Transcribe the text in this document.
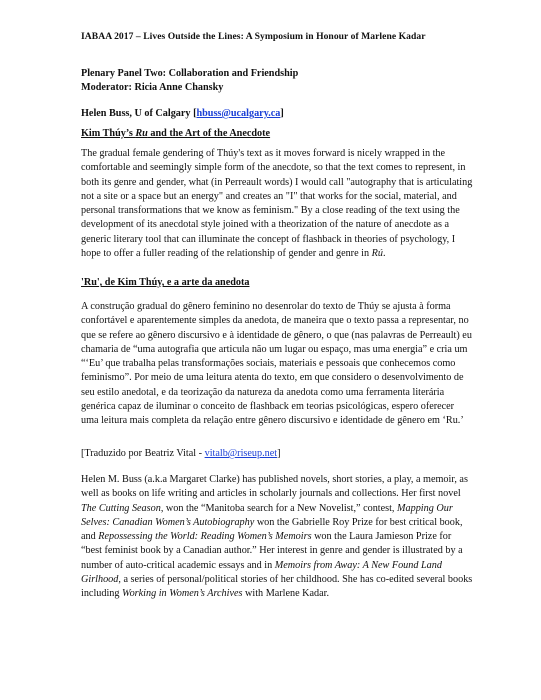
IABAA 2017 – Lives Outside the Lines: A Symposium in Honour of Marlene Kadar

Plenary Panel Two: Collaboration and Friendship

Moderator: Ricia Anne Chansky

Helen Buss, U of Calgary [hbuss@ucalgary.ca]

Kim Thúy’s Ru and the Art of the Anecdote

The gradual female gendering of Thúy's text as it moves forward is nicely wrapped in the comfortable and seemingly simple form of the anecdote, so that the text comes to represent, in both its genre and gender, what (in Perreault words) I would call "autography that is articulating not a site or a space but an energy" and creates an "I" that works for the social, material, and personal transformations that we know as feminism." By a close reading of the text using the development of its anecdotal style joined with a theorization of the nature of anecdote as a generic literary tool that can illuminate the concept of flashback in theories of psychology, I hope to offer a fuller reading of the relationship of gender and genre in Rú.

'Ru', de Kim Thúy, e a arte da anedota

A construção gradual do gênero feminino no desenrolar do texto de Thúy se ajusta à forma confortável e aparentemente simples da anedota, de maneira que o texto passa a representar, no que se refere ao gênero discursivo e à identidade de gênero, o que (nas palavras de Perreault) eu chamaria de “uma autografia que articula não um lugar ou espaço, mas uma energia” e cria um “‘Eu’ que trabalha pelas transformações sociais, materiais e pessoais que conhecemos como feminismo”. Por meio de uma leitura atenta do texto, em que considero o desenvolvimento de seu estilo anedotal, e da teorização da natureza da anedota como uma ferramenta literária genérica capaz de iluminar o conceito de flashback em teorias psicológicas, espero oferecer uma leitura mais completa da relação entre gênero discursivo e identidade de gênero em ‘Ru.’

[Traduzido por Beatriz Vital - vitalb@riseup.net]

Helen M. Buss (a.k.a Margaret Clarke) has published novels, short stories, a play, a memoir, as well as books on life writing and articles in scholarly journals and collections. Her first novel The Cutting Season, won the “Manitoba search for a New Novelist,” contest, Mapping Our Selves: Canadian Women’s Autobiography won the Gabrielle Roy Prize for best critical book, and Repossessing the World: Reading Women’s Memoirs won the Laura Jamieson Prize for “best feminist book by a Canadian author.” Her interest in genre and gender is illustrated by a number of auto-critical academic essays and in Memoirs from Away: A New Found Land Girlhood, a series of personal/political stories of her childhood. She has co-edited several books including Working in Women’s Archives with Marlene Kadar.
